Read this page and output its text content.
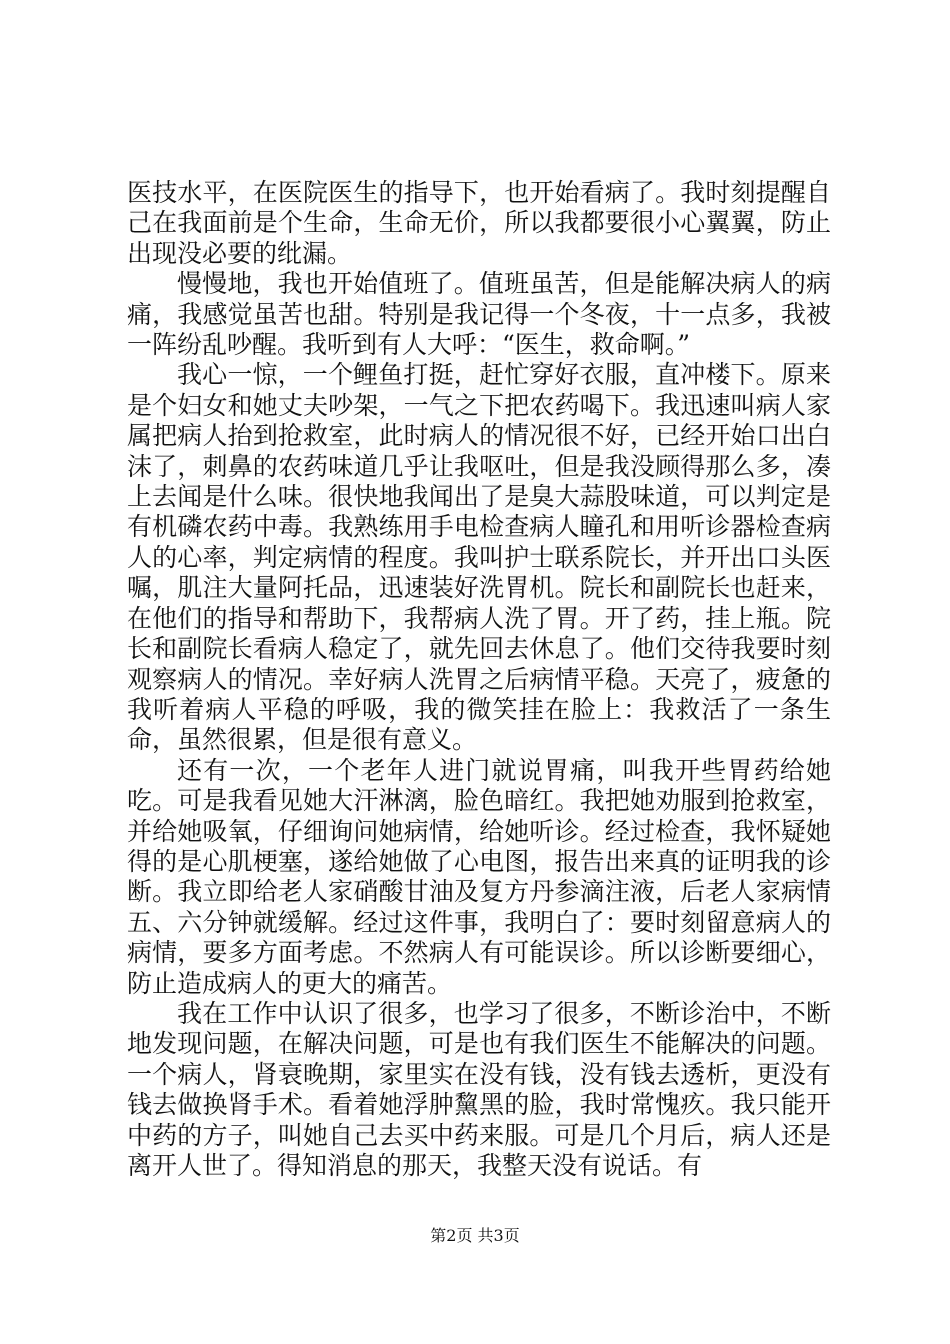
医技水平，在医院医生的指导下，也开始看病了。我时刻提醒自己在我面前是个生命，生命无价，所以我都要很小心翼翼，防止出现没必要的纰漏。

慢慢地，我也开始值班了。值班虽苦，但是能解决病人的病痛，我感觉虽苦也甜。特别是我记得一个冬夜，十一点多，我被一阵纷乱吵醒。我听到有人大呼：“医生，救命啊。”

我心一惊，一个鲤鱼打挺，赶忙穿好衣服，直冲楼下。原来是个妇女和她丈夫吵架，一气之下把农药喝下。我迅速叫病人家属把病人抬到抢救室，此时病人的情况很不好，已经开始口出白沫了，刺鼻的农药味道几乎让我呕吐，但是我没顾得那么多，凑上去闻是什么味。很快地我闻出了是臭大蒜股味道，可以判定是有机磷农药中毒。我熟练用手电检查病人瞳孔和用听诊器检查病人的心率，判定病情的程度。我叫护士联系院长，并开出口头医嘱，肌注大量阿托品，迅速装好洗胃机。院长和副院长也赶来，在他们的指导和帮助下，我帮病人洗了胃。开了药，挂上瓶。院长和副院长看病人稳定了，就先回去休息了。他们交待我要时刻观察病人的情况。幸好病人洗胃之后病情平稳。天亮了，疲惫的我听着病人平稳的呼吸，我的微笑挂在脸上：我救活了一条生命，虽然很累，但是很有意义。

还有一次，一个老年人进门就说胃痛，叫我开些胃药给她吃。可是我看见她大汗淋漓，脸色暗红。我把她劝服到抢救室，并给她吸氧，仔细询问她病情，给她听诊。经过检查，我怀疑她得的是心肌梗塞，遂给她做了心电图，报告出来真的证明我的诊断。我立即给老人家硝酸甘油及复方丹参滴注液，后老人家病情五、六分钟就缓解。经过这件事，我明白了：要时刻留意病人的病情，要多方面考虑。不然病人有可能误诊。所以诊断要细心，防止造成病人的更大的痛苦。

我在工作中认识了很多，也学习了很多，不断诊治中，不断地发现问题，在解决问题，可是也有我们医生不能解决的问题。一个病人，肾衰晚期，家里实在没有钱，没有钱去透析，更没有钱去做换肾手术。看着她浮肿黧黑的脸，我时常愧疚。我只能开中药的方子，叫她自己去买中药来服。可是几个月后，病人还是离开人世了。得知消息的那天，我整天没有说话。有

第2页 共3页
